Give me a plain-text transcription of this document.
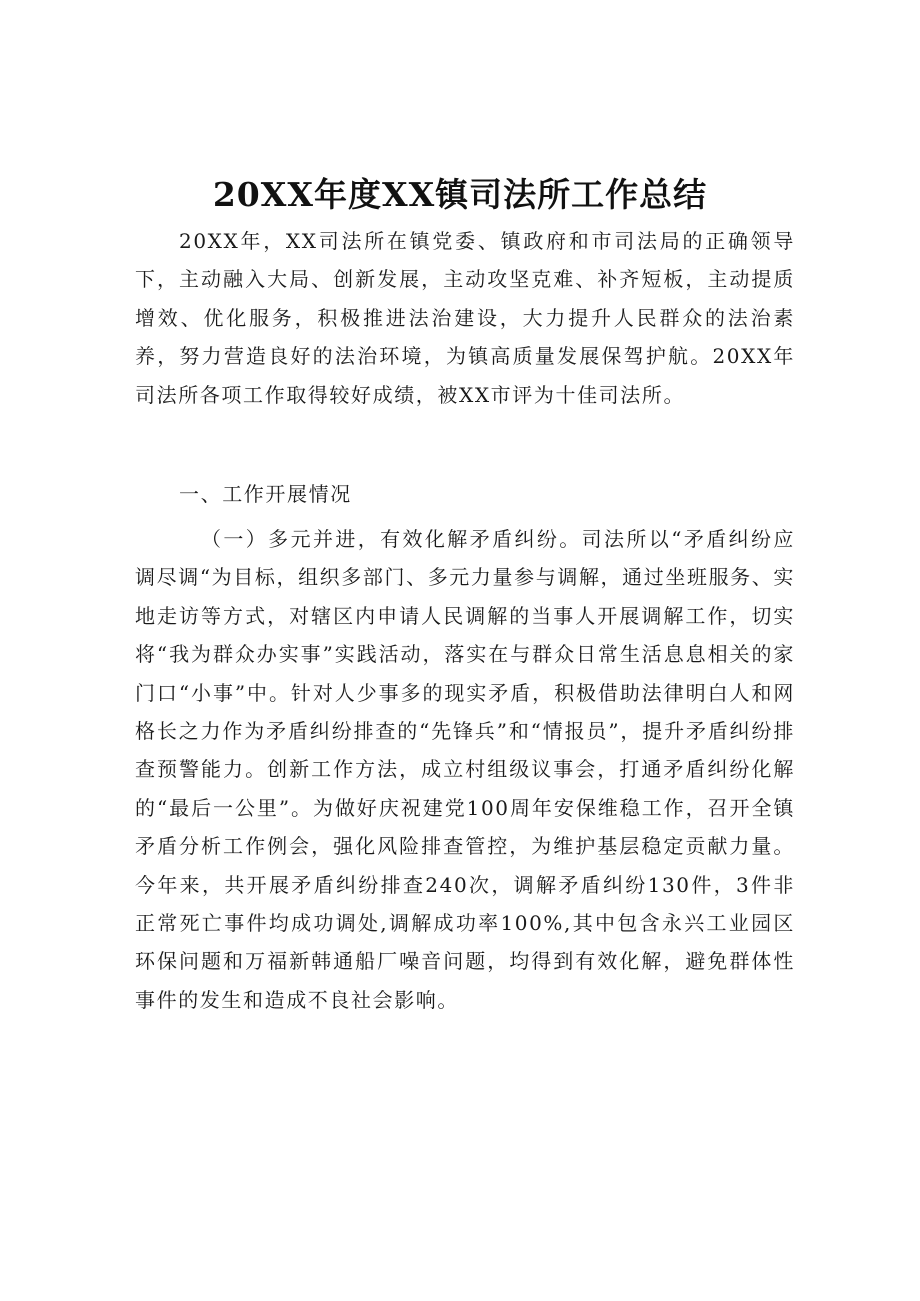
20XX年度XX镇司法所工作总结

20XX年，XX司法所在镇党委、镇政府和市司法局的正确领导下，主动融入大局、创新发展，主动攻坚克难、补齐短板，主动提质增效、优化服务，积极推进法治建设，大力提升人民群众的法治素养，努力营造良好的法治环境，为镇高质量发展保驾护航。20XX年司法所各项工作取得较好成绩，被XX市评为十佳司法所。

一、工作开展情况

（一）多元并进，有效化解矛盾纠纷。司法所以“矛盾纠纷应调尽调“为目标，组织多部门、多元力量参与调解，通过坐班服务、实地走访等方式，对辖区内申请人民调解的当事人开展调解工作，切实将“我为群众办实事”实践活动，落实在与群众日常生活息息相关的家门口“小事”中。针对人少事多的现实矛盾，积极借助法律明白人和网格长之力作为矛盾纠纷排查的“先锋兵”和“情报员”，提升矛盾纠纷排查预警能力。创新工作方法，成立村组级议事会，打通矛盾纠纷化解的“最后一公里”。为做好庆祝建党100周年安保维稳工作，召开全镇矛盾分析工作例会，强化风险排查管控，为维护基层稳定贡献力量。今年来，共开展矛盾纠纷排查240次，调解矛盾纠纷130件，3件非正常死亡事件均成功调处,调解成功率100%,其中包含永兴工业园区环保问题和万福新韩通船厂噪音问题，均得到有效化解，避免群体性事件的发生和造成不良社会影响。
